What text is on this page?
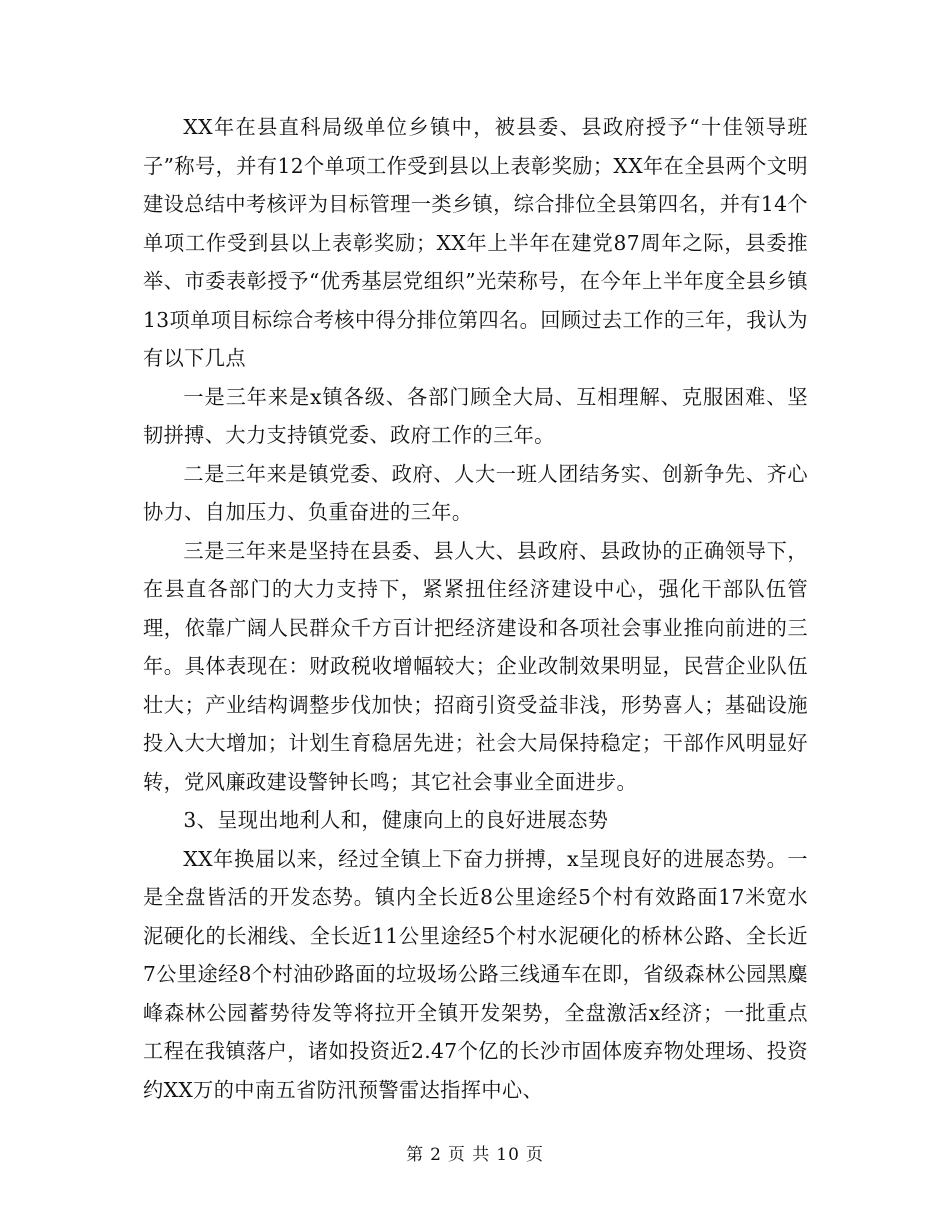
XX年在县直科局级单位乡镇中，被县委、县政府授予“十佳领导班子”称号，并有12个单项工作受到县以上表彰奖励；XX年在全县两个文明建设总结中考核评为目标管理一类乡镇，综合排位全县第四名，并有14个单项工作受到县以上表彰奖励；XX年上半年在建党87周年之际，县委推举、市委表彰授予“优秀基层党组织”光荣称号，在今年上半年度全县乡镇13项单项目标综合考核中得分排位第四名。回顾过去工作的三年，我认为有以下几点

一是三年来是x镇各级、各部门顾全大局、互相理解、克服困难、坚韧拼搏、大力支持镇党委、政府工作的三年。

二是三年来是镇党委、政府、人大一班人团结务实、创新争先、齐心协力、自加压力、负重奋进的三年。

三是三年来是坚持在县委、县人大、县政府、县政协的正确领导下，在县直各部门的大力支持下，紧紧扭住经济建设中心，强化干部队伍管理，依靠广阔人民群众千方百计把经济建设和各项社会事业推向前进的三年。具体表现在：财政税收增幅较大；企业改制效果明显，民营企业队伍壮大；产业结构调整步伐加快；招商引资受益非浅，形势喜人；基础设施投入大大增加；计划生育稳居先进；社会大局保持稳定；干部作风明显好转，党风廉政建设警钟长鸣；其它社会事业全面进步。

3、呈现出地利人和，健康向上的良好进展态势

XX年换届以来，经过全镇上下奋力拼搏，x呈现良好的进展态势。一是全盘皆活的开发态势。镇内全长近8公里途经5个村有效路面17米宽水泥硬化的长湘线、全长近11公里途经5个村水泥硬化的桥林公路、全长近7公里途经8个村油砂路面的垃圾场公路三线通车在即，省级森林公园黑麋峰森林公园蓄势待发等将拉开全镇开发架势，全盘激活x经济；一批重点工程在我镇落户，诸如投资近2.47个亿的长沙市固体废弃物处理场、投资约XX万的中南五省防汛预警雷达指挥中心、

第 2 页 共 10 页
